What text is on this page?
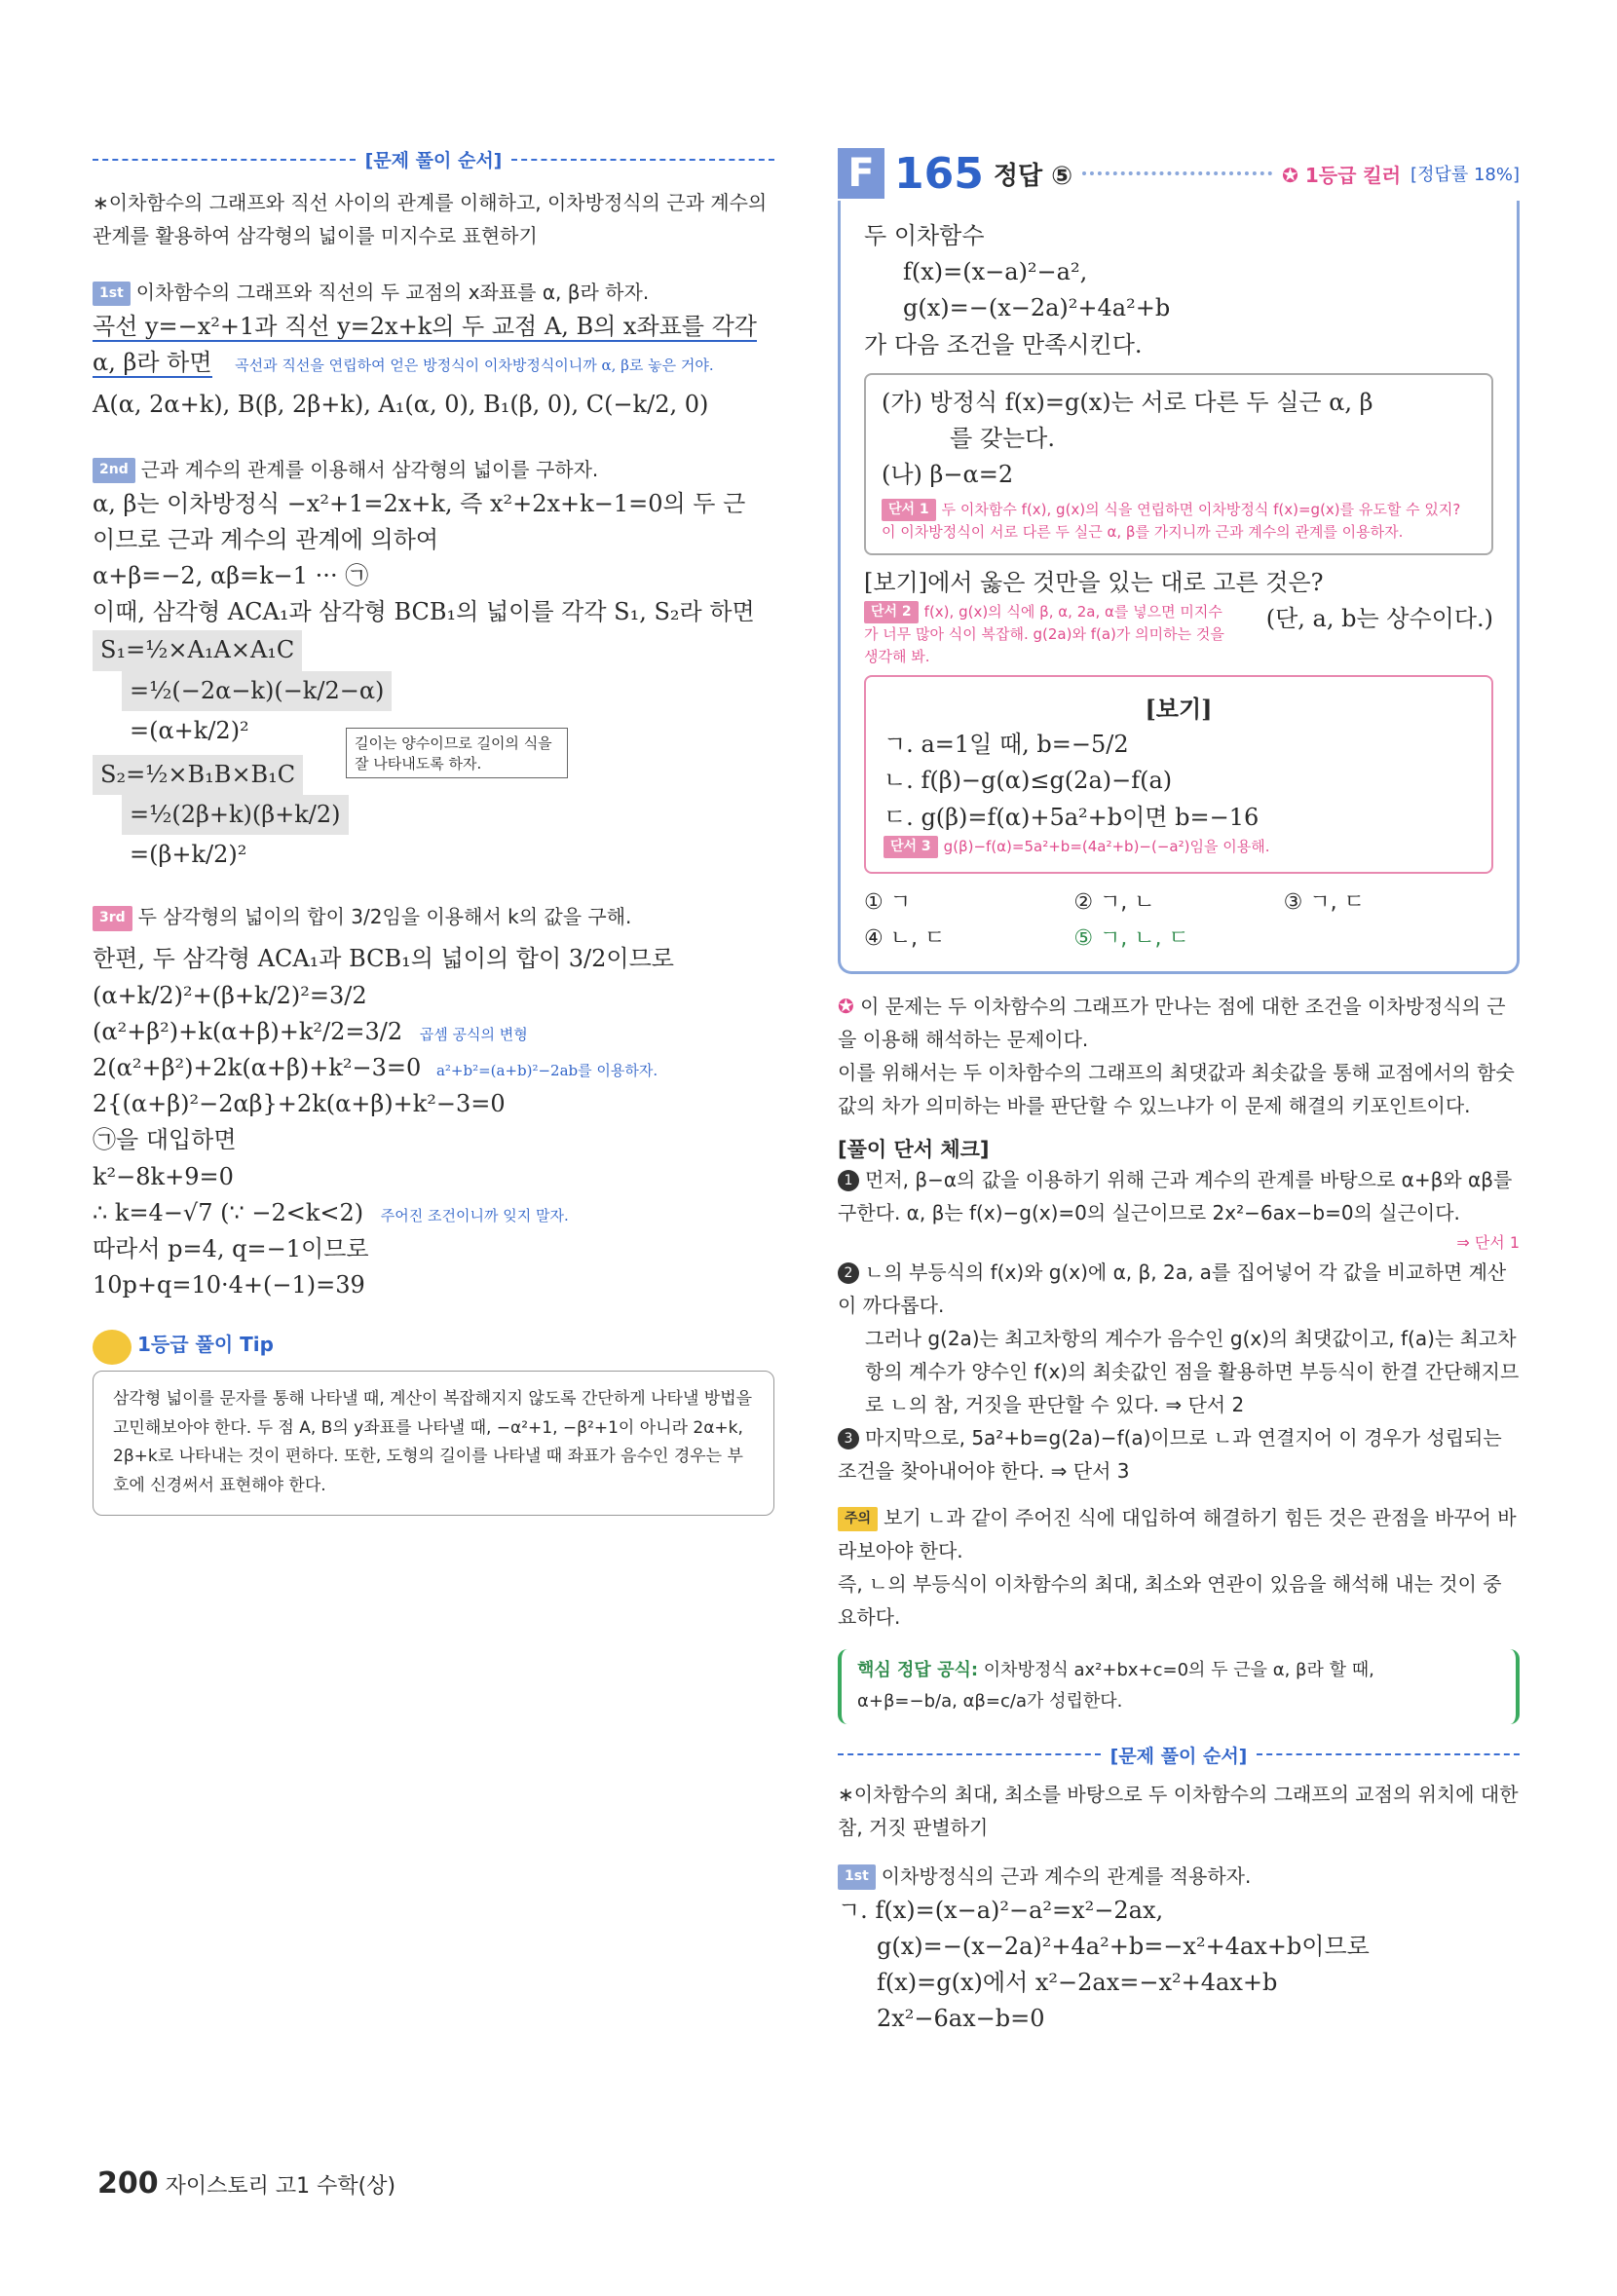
[문제 풀이 순서]
∗이차함수의 그래프와 직선 사이의 관계를 이해하고, 이차방정식의 근과 계수의 관계를 활용하여 삼각형의 넓이를 미지수로 표현하기
1st 이차함수의 그래프와 직선의 두 교점의 x좌표를 α, β라 하자.
곡선 y=−x²+1과 직선 y=2x+k의 두 교점 A, B의 x좌표를 각각
α, β라 하면 곡선과 직선을 연립하여 얻은 방정식이 이차방정식이니까 α, β로 놓은 거야.
A(α, 2α+k), B(β, 2β+k), A₁(α, 0), B₁(β, 0), C(−k/2, 0)
2nd 근과 계수의 관계를 이용해서 삼각형의 넓이를 구하자.
α, β는 이차방정식 −x²+1=2x+k, 즉 x²+2x+k−1=0의 두 근
이므로 근과 계수의 관계에 의하여
α+β=−2, αβ=k−1 ··· ㉠
이때, 삼각형 ACA₁과 삼각형 BCB₁의 넓이를 각각 S₁, S₂라 하면
S₁=½×A₁A×A₁C
=½(−2α−k)(−k/2−α)

=(α+k/2)²	길이는 양수이므로 길이의 식을 잘 나타내도록 하자.
S₂=½×B₁B×B₁C
=½(2β+k)(β+k/2)

=(β+k/2)²
3rd 두 삼각형의 넓이의 합이 3/2임을 이용해서 k의 값을 구해.
한편, 두 삼각형 ACA₁과 BCB₁의 넓이의 합이 3/2이므로
(α+k/2)²+(β+k/2)²=3/2
(α²+β²)+k(α+β)+k²/2=3/2 곱셈 공식의 변형
2(α²+β²)+2k(α+β)+k²−3=0 a²+b²=(a+b)²−2ab를 이용하자.
2{(α+β)²−2αβ}+2k(α+β)+k²−3=0
㉠을 대입하면
k²−8k+9=0
∴ k=4−√7 (∵ −2<k<2) 주어진 조건이니까 잊지 말자.
따라서 p=4, q=−1이므로
10p+q=10·4+(−1)=39
1등급 풀이 Tip
삼각형 넓이를 문자를 통해 나타낼 때, 계산이 복잡해지지 않도록 간단하게 나타낼 방법을 고민해보아야 한다. 두 점 A, B의 y좌표를 나타낼 때, −α²+1, −β²+1이 아니라 2α+k, 2β+k로 나타내는 것이 편하다. 또한, 도형의 길이를 나타낼 때 좌표가 음수인 경우는 부호에 신경써서 표현해야 한다.
F 165 정답 ⑤	✪ 1등급 킬러 [정답률 18%]
두 이차함수
f(x)=(x−a)²−a²,
g(x)=−(x−2a)²+4a²+b
가 다음 조건을 만족시킨다.
(가) 방정식 f(x)=g(x)는 서로 다른 두 실근 α, β
를 갖는다.
(나) β−α=2
단서 1 두 이차함수 f(x), g(x)의 식을 연립하면 이차방정식 f(x)=g(x)를 유도할 수 있지? 이 이차방정식이 서로 다른 두 실근 α, β를 가지니까 근과 계수의 관계를 이용하자.
[보기]에서 옳은 것만을 있는 대로 고른 것은?
단서 2 f(x), g(x)의 식에 β, α, 2a, α를 넣으면 미지수가 너무 많아 식이 복잡해. g(2a)와 f(a)가 의미하는 것을 생각해 봐.
(단, a, b는 상수이다.)
[보기]
ㄱ. a=1일 때, b=−5/2
ㄴ. f(β)−g(α)≤g(2a)−f(a)
ㄷ. g(β)=f(α)+5a²+b이면 b=−16
단서 3 g(β)−f(α)=5a²+b=(4a²+b)−(−a²)임을 이용해.
① ㄱ	② ㄱ, ㄴ	③ ㄱ, ㄷ
④ ㄴ, ㄷ	⑤ ㄱ, ㄴ, ㄷ
✪ 이 문제는 두 이차함수의 그래프가 만나는 점에 대한 조건을 이차방정식의 근을 이용해 해석하는 문제이다.
이를 위해서는 두 이차함수의 그래프의 최댓값과 최솟값을 통해 교점에서의 함숫값의 차가 의미하는 바를 판단할 수 있느냐가 이 문제 해결의 키포인트이다.
[풀이 단서 체크]
1 먼저, β−α의 값을 이용하기 위해 근과 계수의 관계를 바탕으로 α+β와 αβ를 구한다. α, β는 f(x)−g(x)=0의 실근이므로 2x²−6ax−b=0의 실근이다.
⇒ 단서 1
2 ㄴ의 부등식의 f(x)와 g(x)에 α, β, 2a, a를 집어넣어 각 값을 비교하면 계산이 까다롭다.
그러나 g(2a)는 최고차항의 계수가 음수인 g(x)의 최댓값이고, f(a)는 최고차항의 계수가 양수인 f(x)의 최솟값인 점을 활용하면 부등식이 한결 간단해지므로 ㄴ의 참, 거짓을 판단할 수 있다. ⇒ 단서 2
3 마지막으로, 5a²+b=g(2a)−f(a)이므로 ㄴ과 연결지어 이 경우가 성립되는 조건을 찾아내어야 한다. ⇒ 단서 3
주의 보기 ㄴ과 같이 주어진 식에 대입하여 해결하기 힘든 것은 관점을 바꾸어 바라보아야 한다.
즉, ㄴ의 부등식이 이차함수의 최대, 최소와 연관이 있음을 해석해 내는 것이 중요하다.
핵심 정답 공식: 이차방정식 ax²+bx+c=0의 두 근을 α, β라 할 때,
α+β=−b/a, αβ=c/a가 성립한다.
[문제 풀이 순서]
∗이차함수의 최대, 최소를 바탕으로 두 이차함수의 그래프의 교점의 위치에 대한 참, 거짓 판별하기
1st 이차방정식의 근과 계수의 관계를 적용하자.
ㄱ. f(x)=(x−a)²−a²=x²−2ax,
g(x)=−(x−2a)²+4a²+b=−x²+4ax+b이므로
f(x)=g(x)에서 x²−2ax=−x²+4ax+b
2x²−6ax−b=0
200 자이스토리 고1 수학(상)
